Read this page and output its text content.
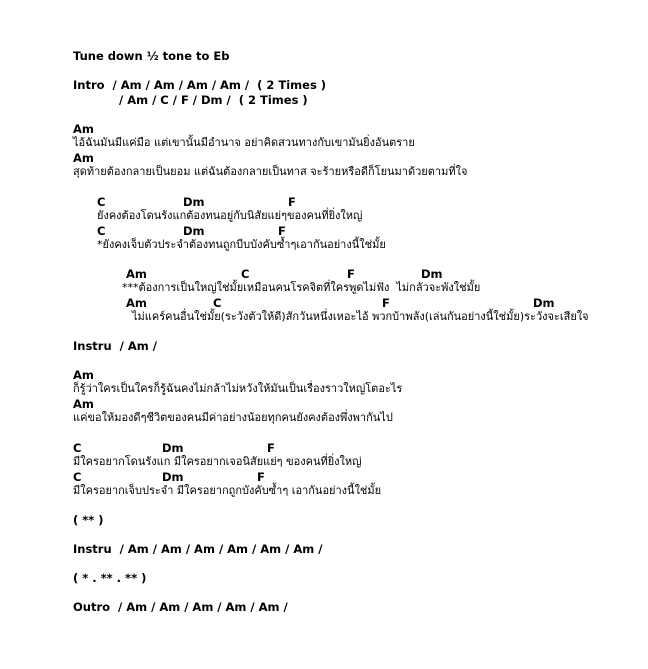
Tune down ½ tone to Eb
Intro  / Am / Am / Am / Am /  ( 2 Times )
/ Am / C / F / Dm /  ( 2 Times )
Am
ไอ้ฉันมันมีแค่มือ แต่เขานั้นมีอำนาจ อย่าคิดสวนทางกับเขามันยิ่งอันตราย
Am
สุดท้ายต้องกลายเป็นยอม แต่ฉันต้องกลายเป็นทาส จะร้ายหรือดีก็โยนมาด้วยตามที่ใจ
C	Dm	F
ยังคงต้องโดนรังแกต้องทนอยู่กับนิสัยแย่ๆของคนที่ยิ่งใหญ่
C	Dm	F
*ยังคงเจ็บตัวประจำต้องทนถูกบีบบังคับซ้ำๆเอากันอย่างนี้ใช่มั้ย
Am	C	F	Dm
***ต้องการเป็นใหญ่ใช่มั้ยเหมือนคนโรคจิตที่ใครพูดไม่ฟัง  ไม่กลัวจะพังใช่มั้ย
Am	C	F	Dm
ไม่แคร์คนอื่นใช่มั้ย(ระวังตัวให้ดี)สักวันหนึ่งเหอะไอ้ พวกบ้าพลัง(เล่นกันอย่างนี้ใช่มั้ย)ระวังจะเสียใจ
Am
ก็รู้ว่าใครเป็นใครก็รู้ฉันคงไม่กล้าไม่หวังให้มันเป็นเรื่องราวใหญ่โตอะไร
Am
แค่ขอให้มองดีๆชีวิตของคนมีค่าอย่างน้อยทุกคนยังคงต้องพึ่งพากันไป
C	Dm	F
มีใครอยากโดนรังแก มีใครอยากเจอนิสัยแย่ๆ ของคนที่ยิ่งใหญ่
C	Dm	F
มีใครอยากเจ็บประจำ มีใครอยากถูกบังคับซ้ำๆ เอากันอย่างนี้ใช่มั้ย
Instru  / Am /
( ** )
Instru  / Am / Am / Am / Am / Am / Am /
( * . ** . ** )
Outro  / Am / Am / Am / Am / Am /
